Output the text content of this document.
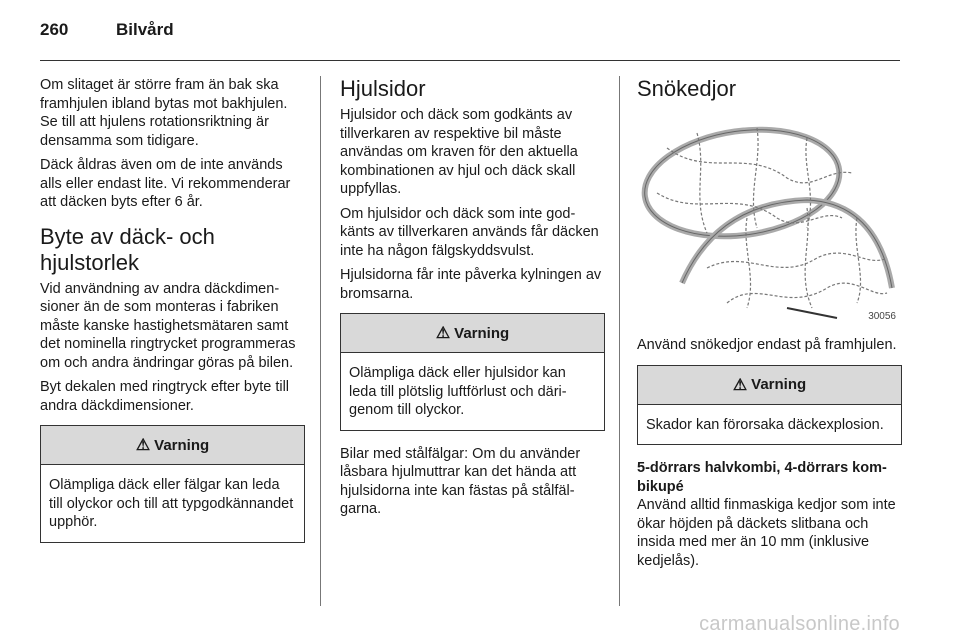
260	Bilvård

Om slitaget är större fram än bak ska framhjulen ibland bytas mot bakhjulen. Se till att hjulens rotationsriktning är densamma som tidigare.

Däck åldras även om de inte används alls eller endast lite. Vi rekommenderar att däcken byts efter 6 år.

Byte av däck- och hjulstorlek

Vid användning av andra däckdimensioner än de som monteras i fabriken måste kanske hastighetsmätaren samt det nominella ringtrycket programmeras om och andra ändringar göras på bilen.

Byt dekalen med ringtryck efter byte till andra däckdimensioner.

⚠ Varning
Olämpliga däck eller fälgar kan leda till olyckor och till att typgodkännandet upphör.
Hjulsidor

Hjulsidor och däck som godkänts av tillverkaren av respektive bil måste användas om kraven för den aktuella kombinationen av hjul och däck skall uppfyllas.

Om hjulsidor och däck som inte godkänts av tillverkaren används får däcken inte ha någon fälgskyddsvulst.

Hjulsidorna får inte påverka kylningen av bromsarna.

⚠ Varning
Olämpliga däck eller hjulsidor kan leda till plötslig luftförlust och därigenom till olyckor.

Bilar med stålfälgar: Om du använder låsbara hjulmuttrar kan det hända att hjulsidorna inte kan fästas på stålfälgarna.

Snökedjor
30056

Använd snökedjor endast på framhjulen.

⚠ Varning
Skador kan förorsaka däckexplosion.

5-dörrars halvkombi, 4-dörrars kombikupé

Använd alltid finmaskiga kedjor som inte ökar höjden på däckets slitbana och insida med mer än 10 mm (inklusive kedjelås).

carmanualsonline.info
